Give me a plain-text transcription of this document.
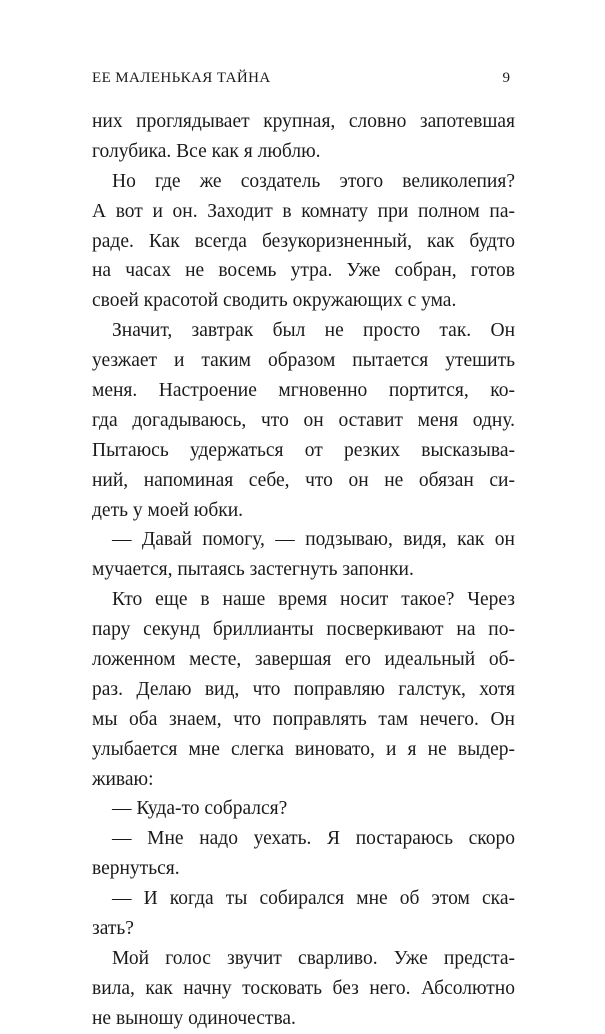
ЕЕ МАЛЕНЬКАЯ ТАЙНА	9
них проглядывает крупная, словно запотевшая
голубика. Все как я люблю.
Но где же создатель этого великолепия?
А вот и он. Заходит в комнату при полном па-
раде. Как всегда безукоризненный, как будто
на часах не восемь утра. Уже собран, готов
своей красотой сводить окружающих с ума.
Значит, завтрак был не просто так. Он
уезжает и таким образом пытается утешить
меня. Настроение мгновенно портится, ко-
гда догадываюсь, что он оставит меня одну.
Пытаюсь удержаться от резких высказыва-
ний, напоминая себе, что он не обязан си-
деть у моей юбки.
— Давай помогу, — подзываю, видя, как он
мучается, пытаясь застегнуть запонки.
Кто еще в наше время носит такое? Через
пару секунд бриллианты посверкивают на по-
ложенном месте, завершая его идеальный об-
раз. Делаю вид, что поправляю галстук, хотя
мы оба знаем, что поправлять там нечего. Он
улыбается мне слегка виновато, и я не выдер-
живаю:
— Куда-то собрался?
— Мне надо уехать. Я постараюсь скоро
вернуться.
— И когда ты собирался мне об этом ска-
зать?
Мой голос звучит сварливо. Уже предста-
вила, как начну тосковать без него. Абсолютно
не выношу одиночества.
